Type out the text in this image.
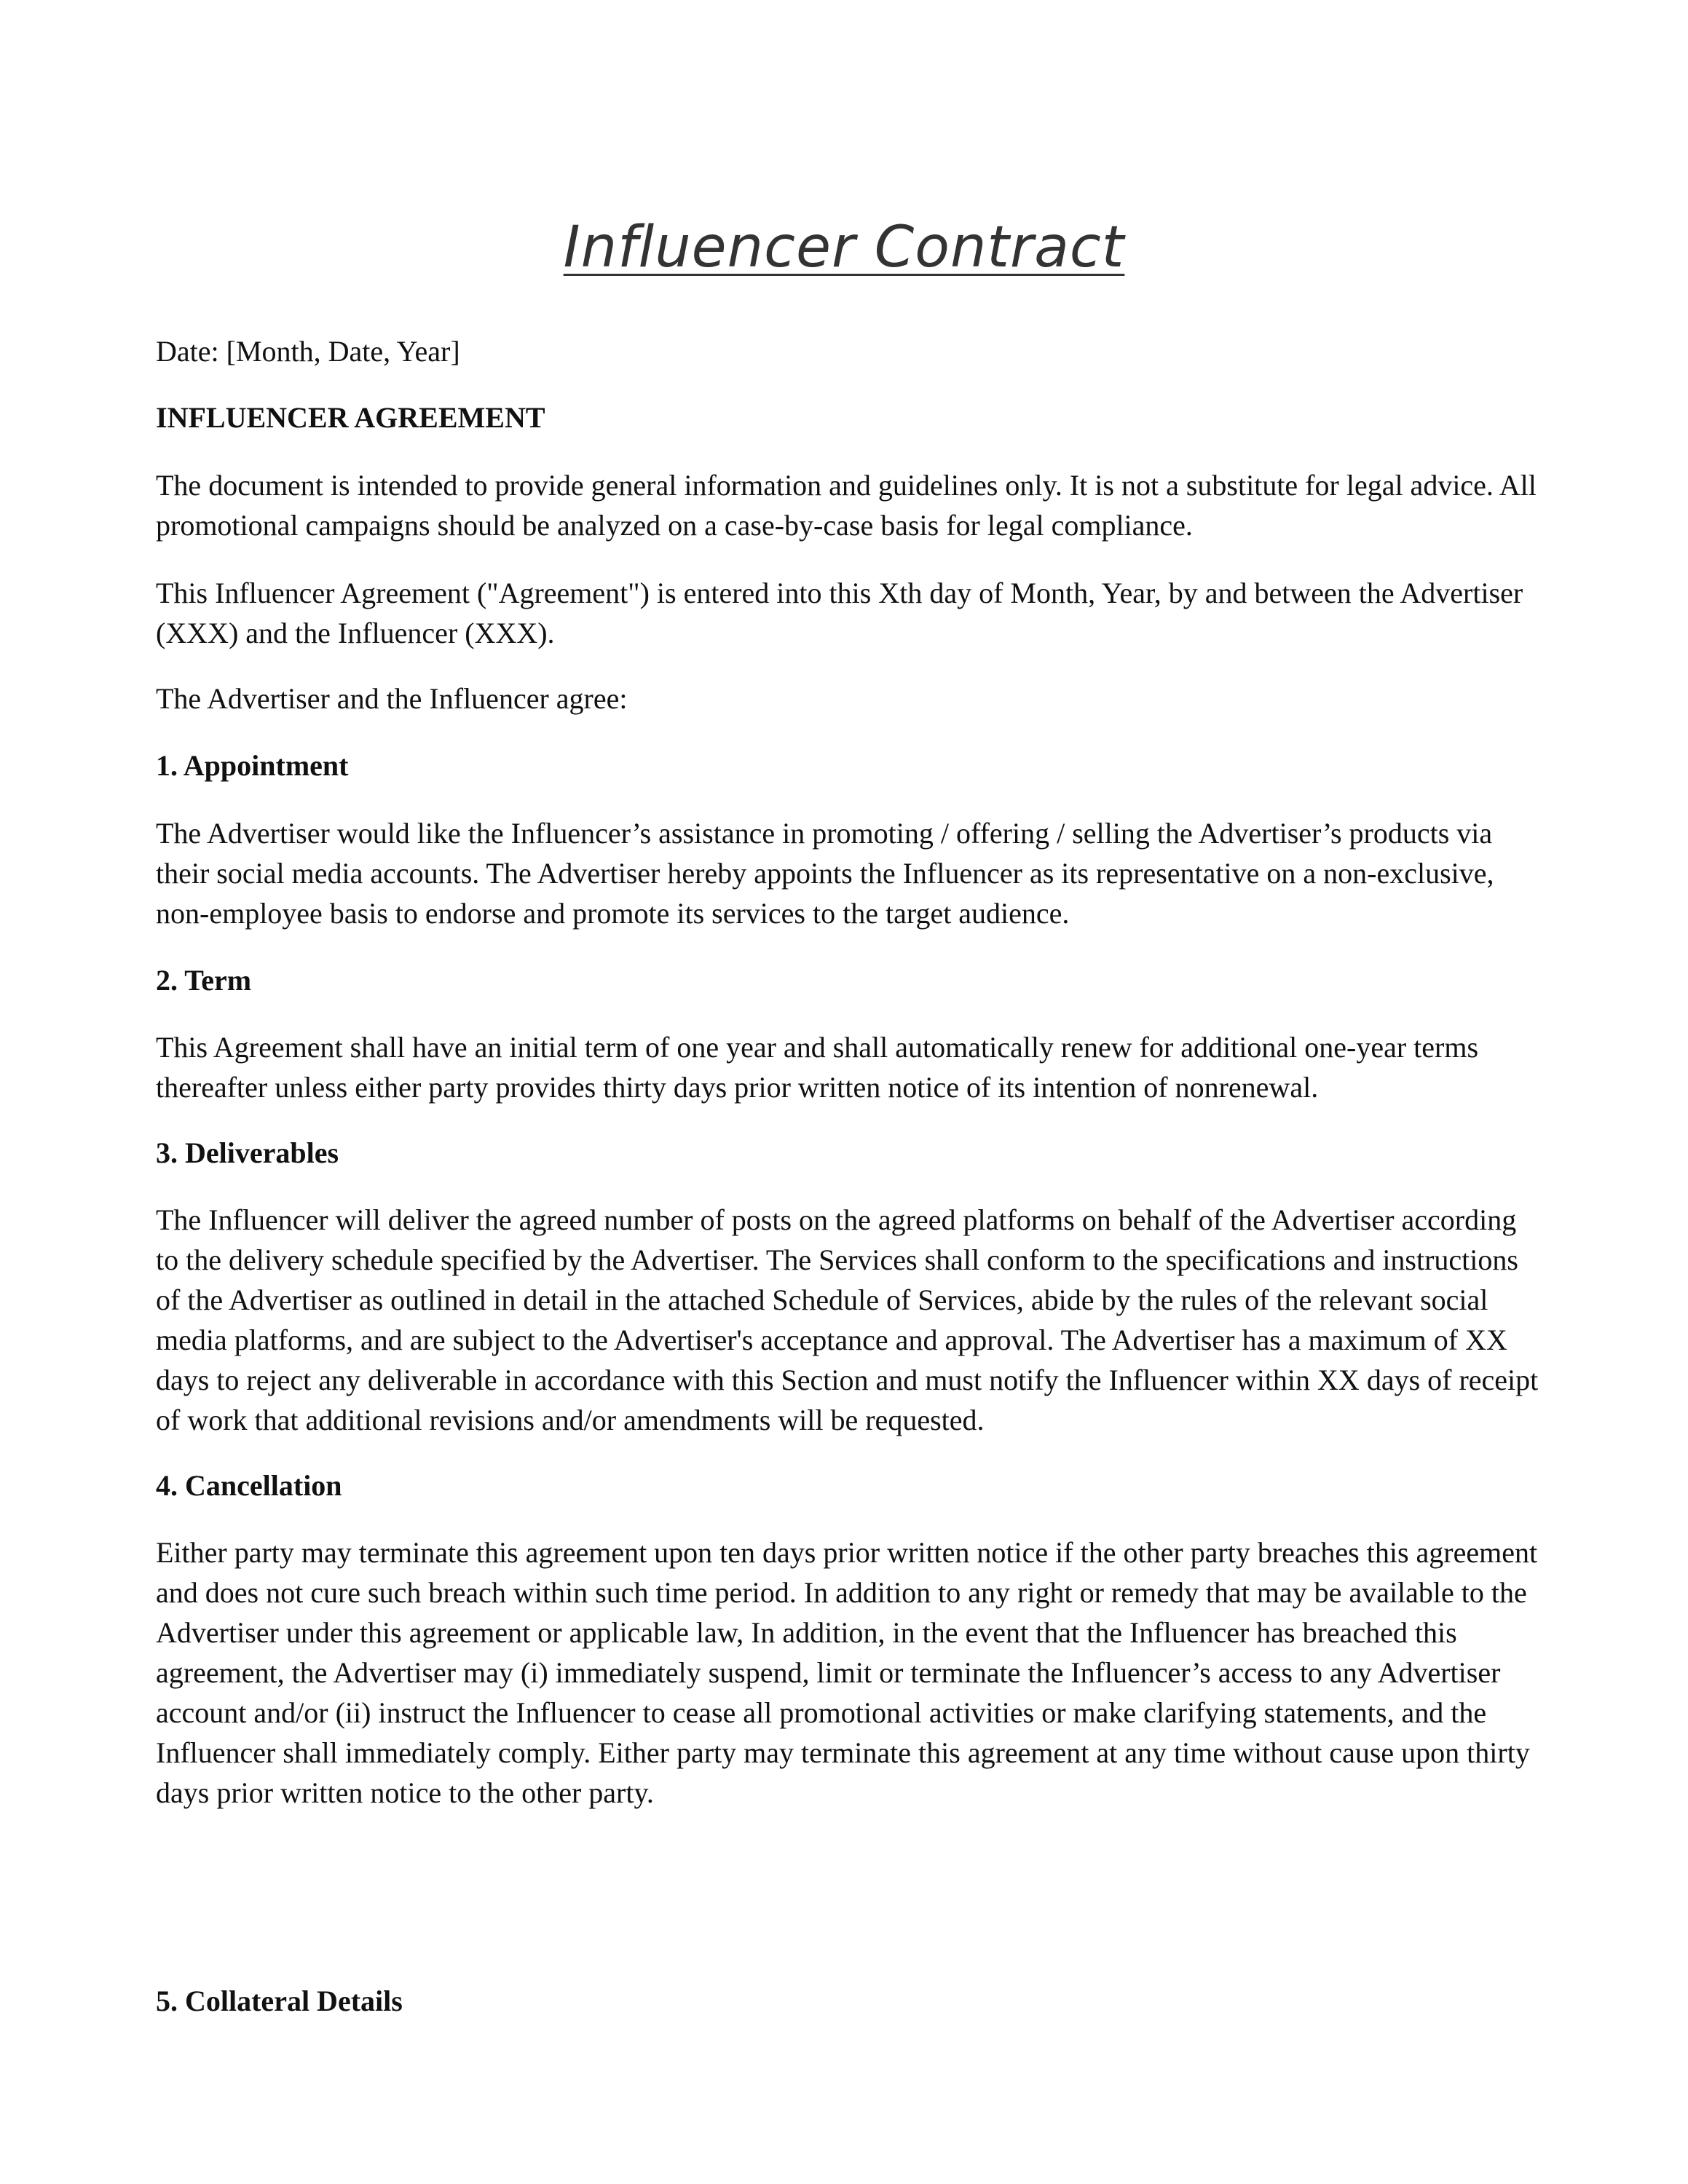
Influencer Contract

Date: [Month, Date, Year]

INFLUENCER AGREEMENT

The document is intended to provide general information and guidelines only. It is not a substitute for legal advice. All promotional campaigns should be analyzed on a case-by-case basis for legal compliance.

This Influencer Agreement ("Agreement") is entered into this Xth day of Month, Year, by and between the Advertiser (XXX) and the Influencer (XXX).

The Advertiser and the Influencer agree:

1. Appointment

The Advertiser would like the Influencer’s assistance in promoting / offering / selling the Advertiser’s products via their social media accounts. The Advertiser hereby appoints the Influencer as its representative on a non-exclusive, non-employee basis to endorse and promote its services to the target audience.

2. Term

This Agreement shall have an initial term of one year and shall automatically renew for additional one-year terms thereafter unless either party provides thirty days prior written notice of its intention of nonrenewal.

3. Deliverables

The Influencer will deliver the agreed number of posts on the agreed platforms on behalf of the Advertiser according to the delivery schedule specified by the Advertiser. The Services shall conform to the specifications and instructions of the Advertiser as outlined in detail in the attached Schedule of Services, abide by the rules of the relevant social media platforms, and are subject to the Advertiser's acceptance and approval. The Advertiser has a maximum of XX days to reject any deliverable in accordance with this Section and must notify the Influencer within XX days of receipt of work that additional revisions and/or amendments will be requested.

4. Cancellation

Either party may terminate this agreement upon ten days prior written notice if the other party breaches this agreement and does not cure such breach within such time period. In addition to any right or remedy that may be available to the Advertiser under this agreement or applicable law, In addition, in the event that the Influencer has breached this agreement, the Advertiser may (i) immediately suspend, limit or terminate the Influencer’s access to any Advertiser account and/or (ii) instruct the Influencer to cease all promotional activities or make clarifying statements, and the Influencer shall immediately comply. Either party may terminate this agreement at any time without cause upon thirty days prior written notice to the other party.

5. Collateral Details
